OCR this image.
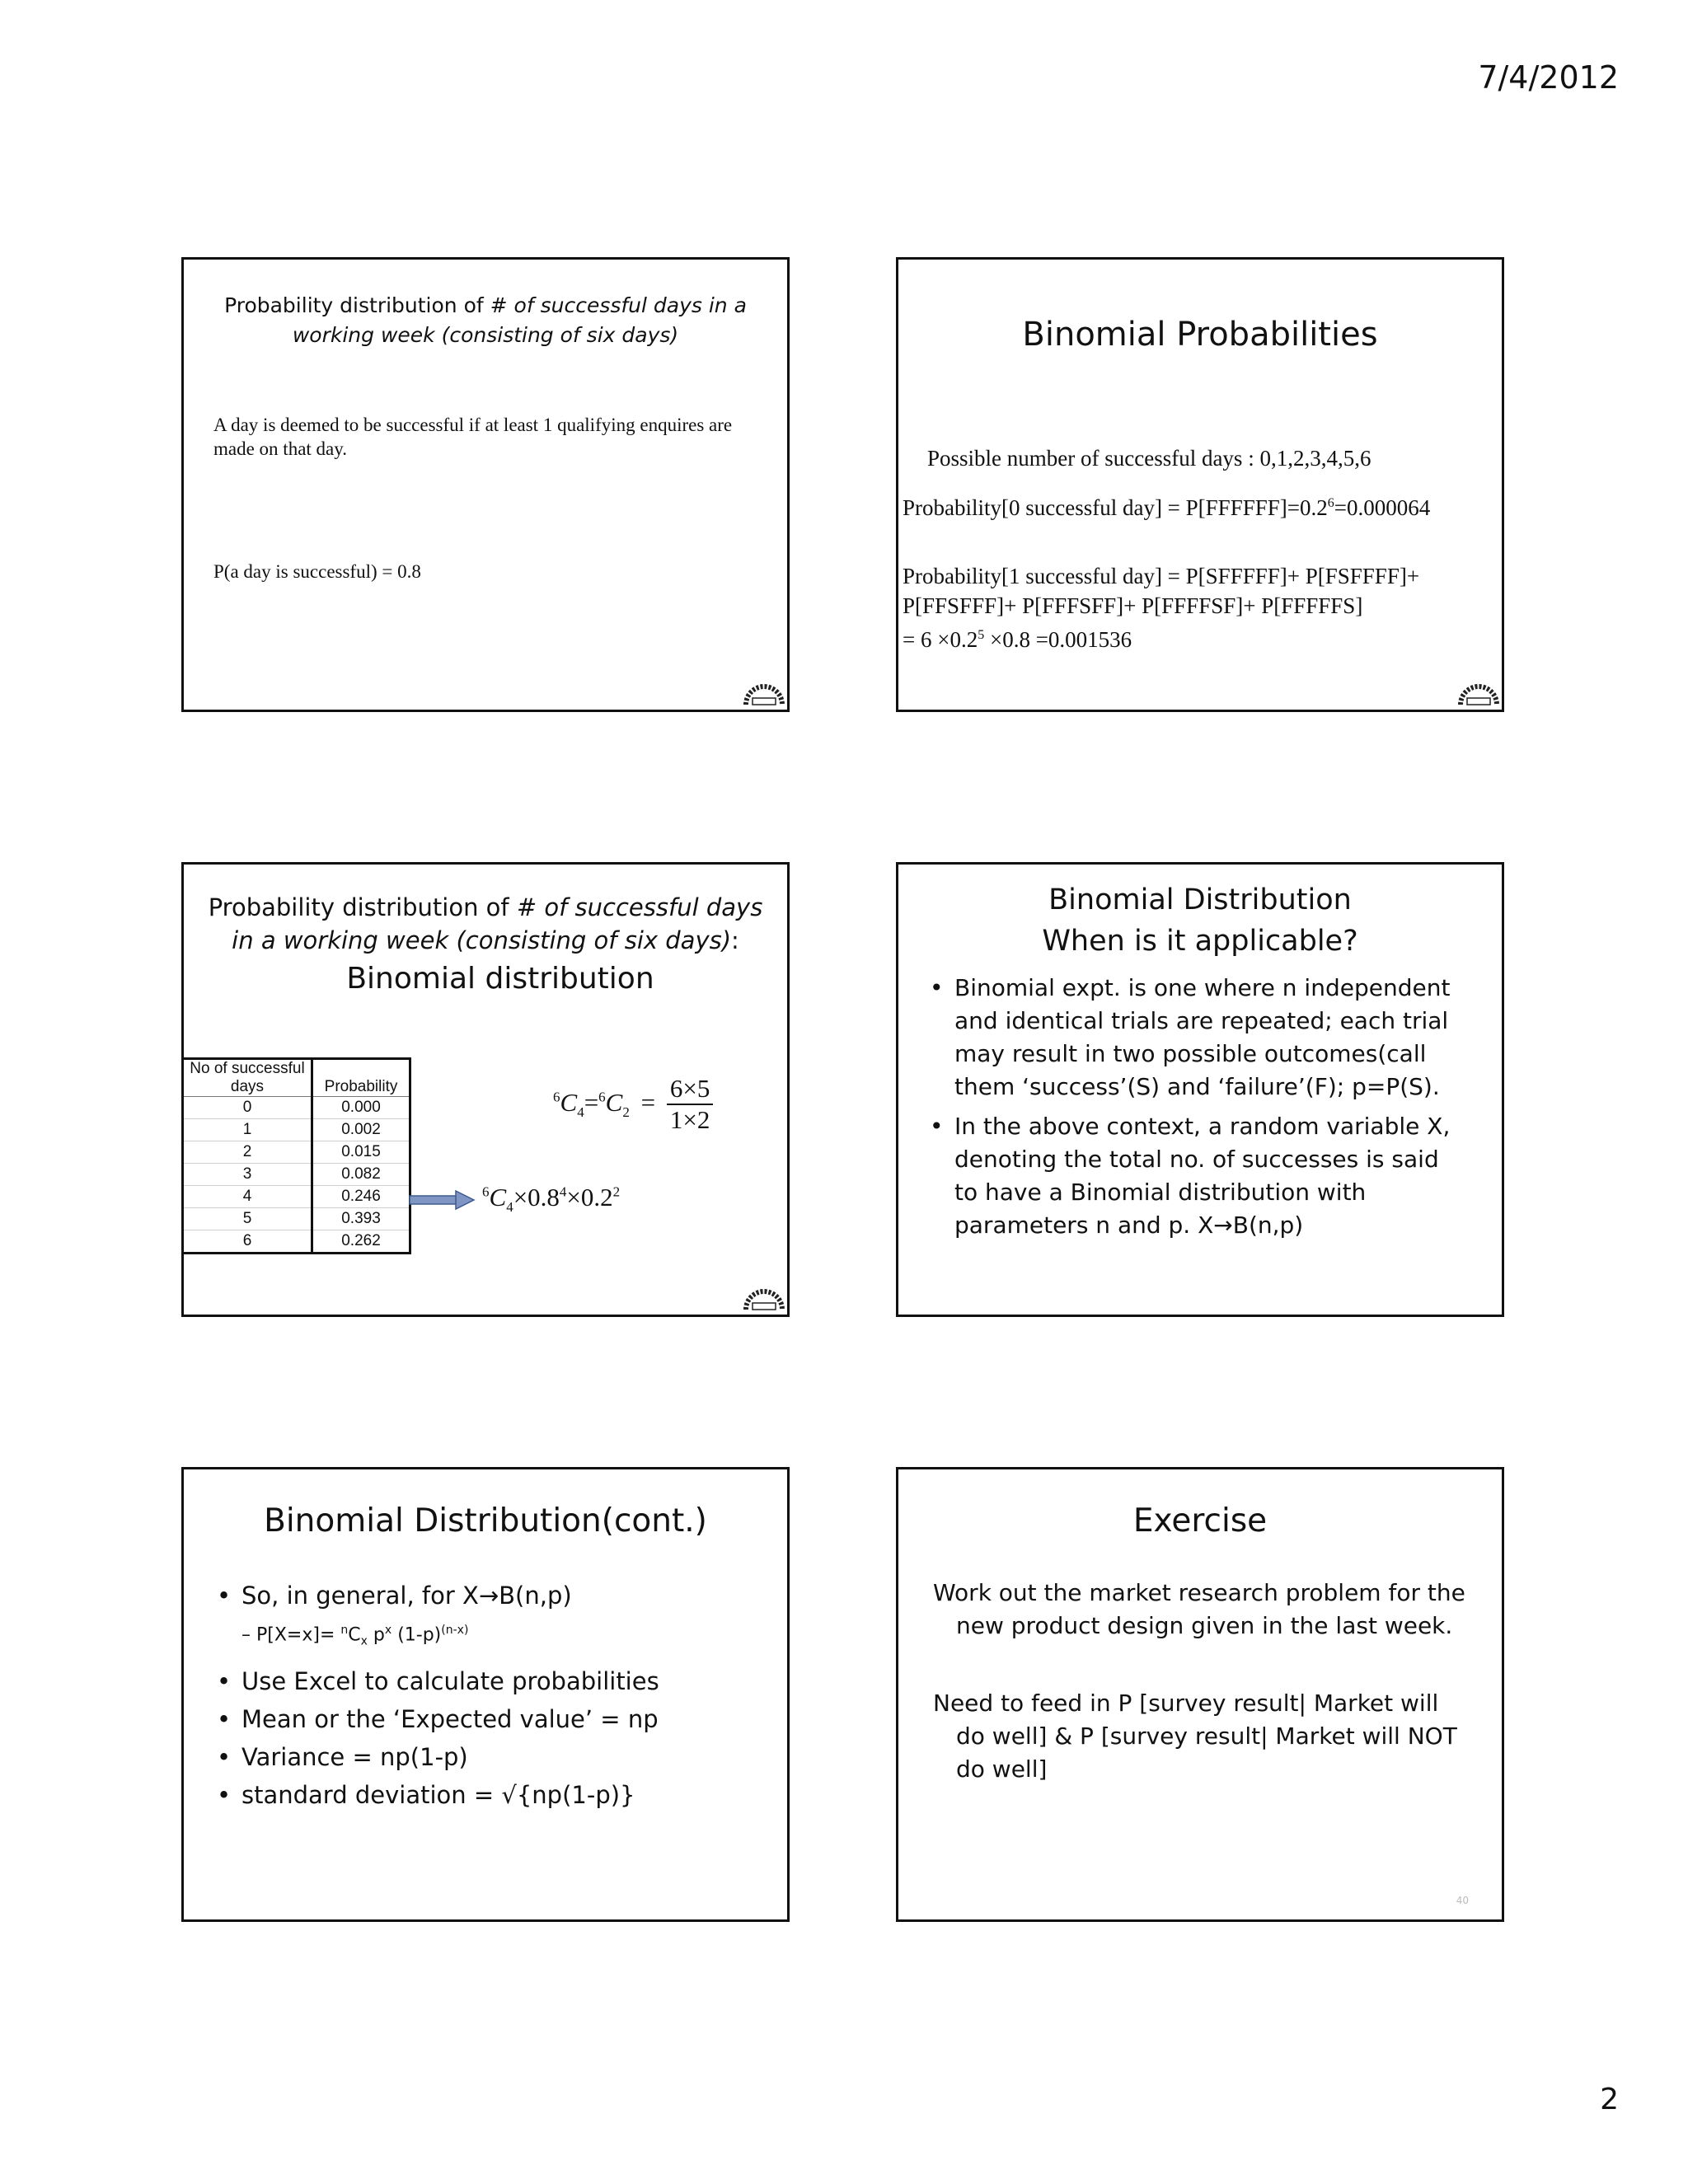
7/4/2012
Probability distribution of # of successful days in a working week (consisting of six days)
A day is deemed to be successful if at least 1 qualifying enquires are made on that day.
P(a day is successful) = 0.8
Binomial Probabilities
Possible number of successful days : 0,1,2,3,4,5,6
Probability[0 successful $day] = P[FFFFFF]=0.2^6=0.000064$
Probability[1 successful day] = P[SFFFFF]+ P[FSFFFF]+
P[FFSFFF]+ P[FFFSFF]+ P[FFFFSF]+ P[FFFFFS]
= $6 \times 0.2^5 \times 0.8 =0.001536$
Probability distribution of # of successful days in a working week (consisting of six days):
Binomial distribution
No of successful days	Probability
0	0.000
1	0.002
2	0.015
3	0.082
4	0.246
5	0.393
6	0.262
$^6C_4=^6C_2 = \frac{6\times 5}{1\times 2}$
$^6C_4\times 0.8^4\times 0.2^2$
Binomial Distribution
When is it applicable?
• Binomial expt. is one where n independent and identical trials are repeated; each trial may result in two possible outcomes(call them ‘success’(S) and ‘failure’(F); p=P(S).
• In the above context, a random variable X, denoting the total no. of successes is said to have a Binomial distribution with parameters n and p. X→B(n,p)
Binomial Distribution(cont.)
• So, in general, for X→B(n,p)
– $P[X=x]= ^nC_x$ $p^x$ $(1-p)^{(n-x)}$
• Use Excel to calculate probabilities
• Mean or the ‘Expected value’ = np
• Variance = np(1-p)
• standard deviation = √{np(1-p)}
Exercise
Work out the market research problem for the new product design given in the last week.
Need to feed in P [survey result| Market will do well] & P [survey result| Market will NOT do well]
40
2
